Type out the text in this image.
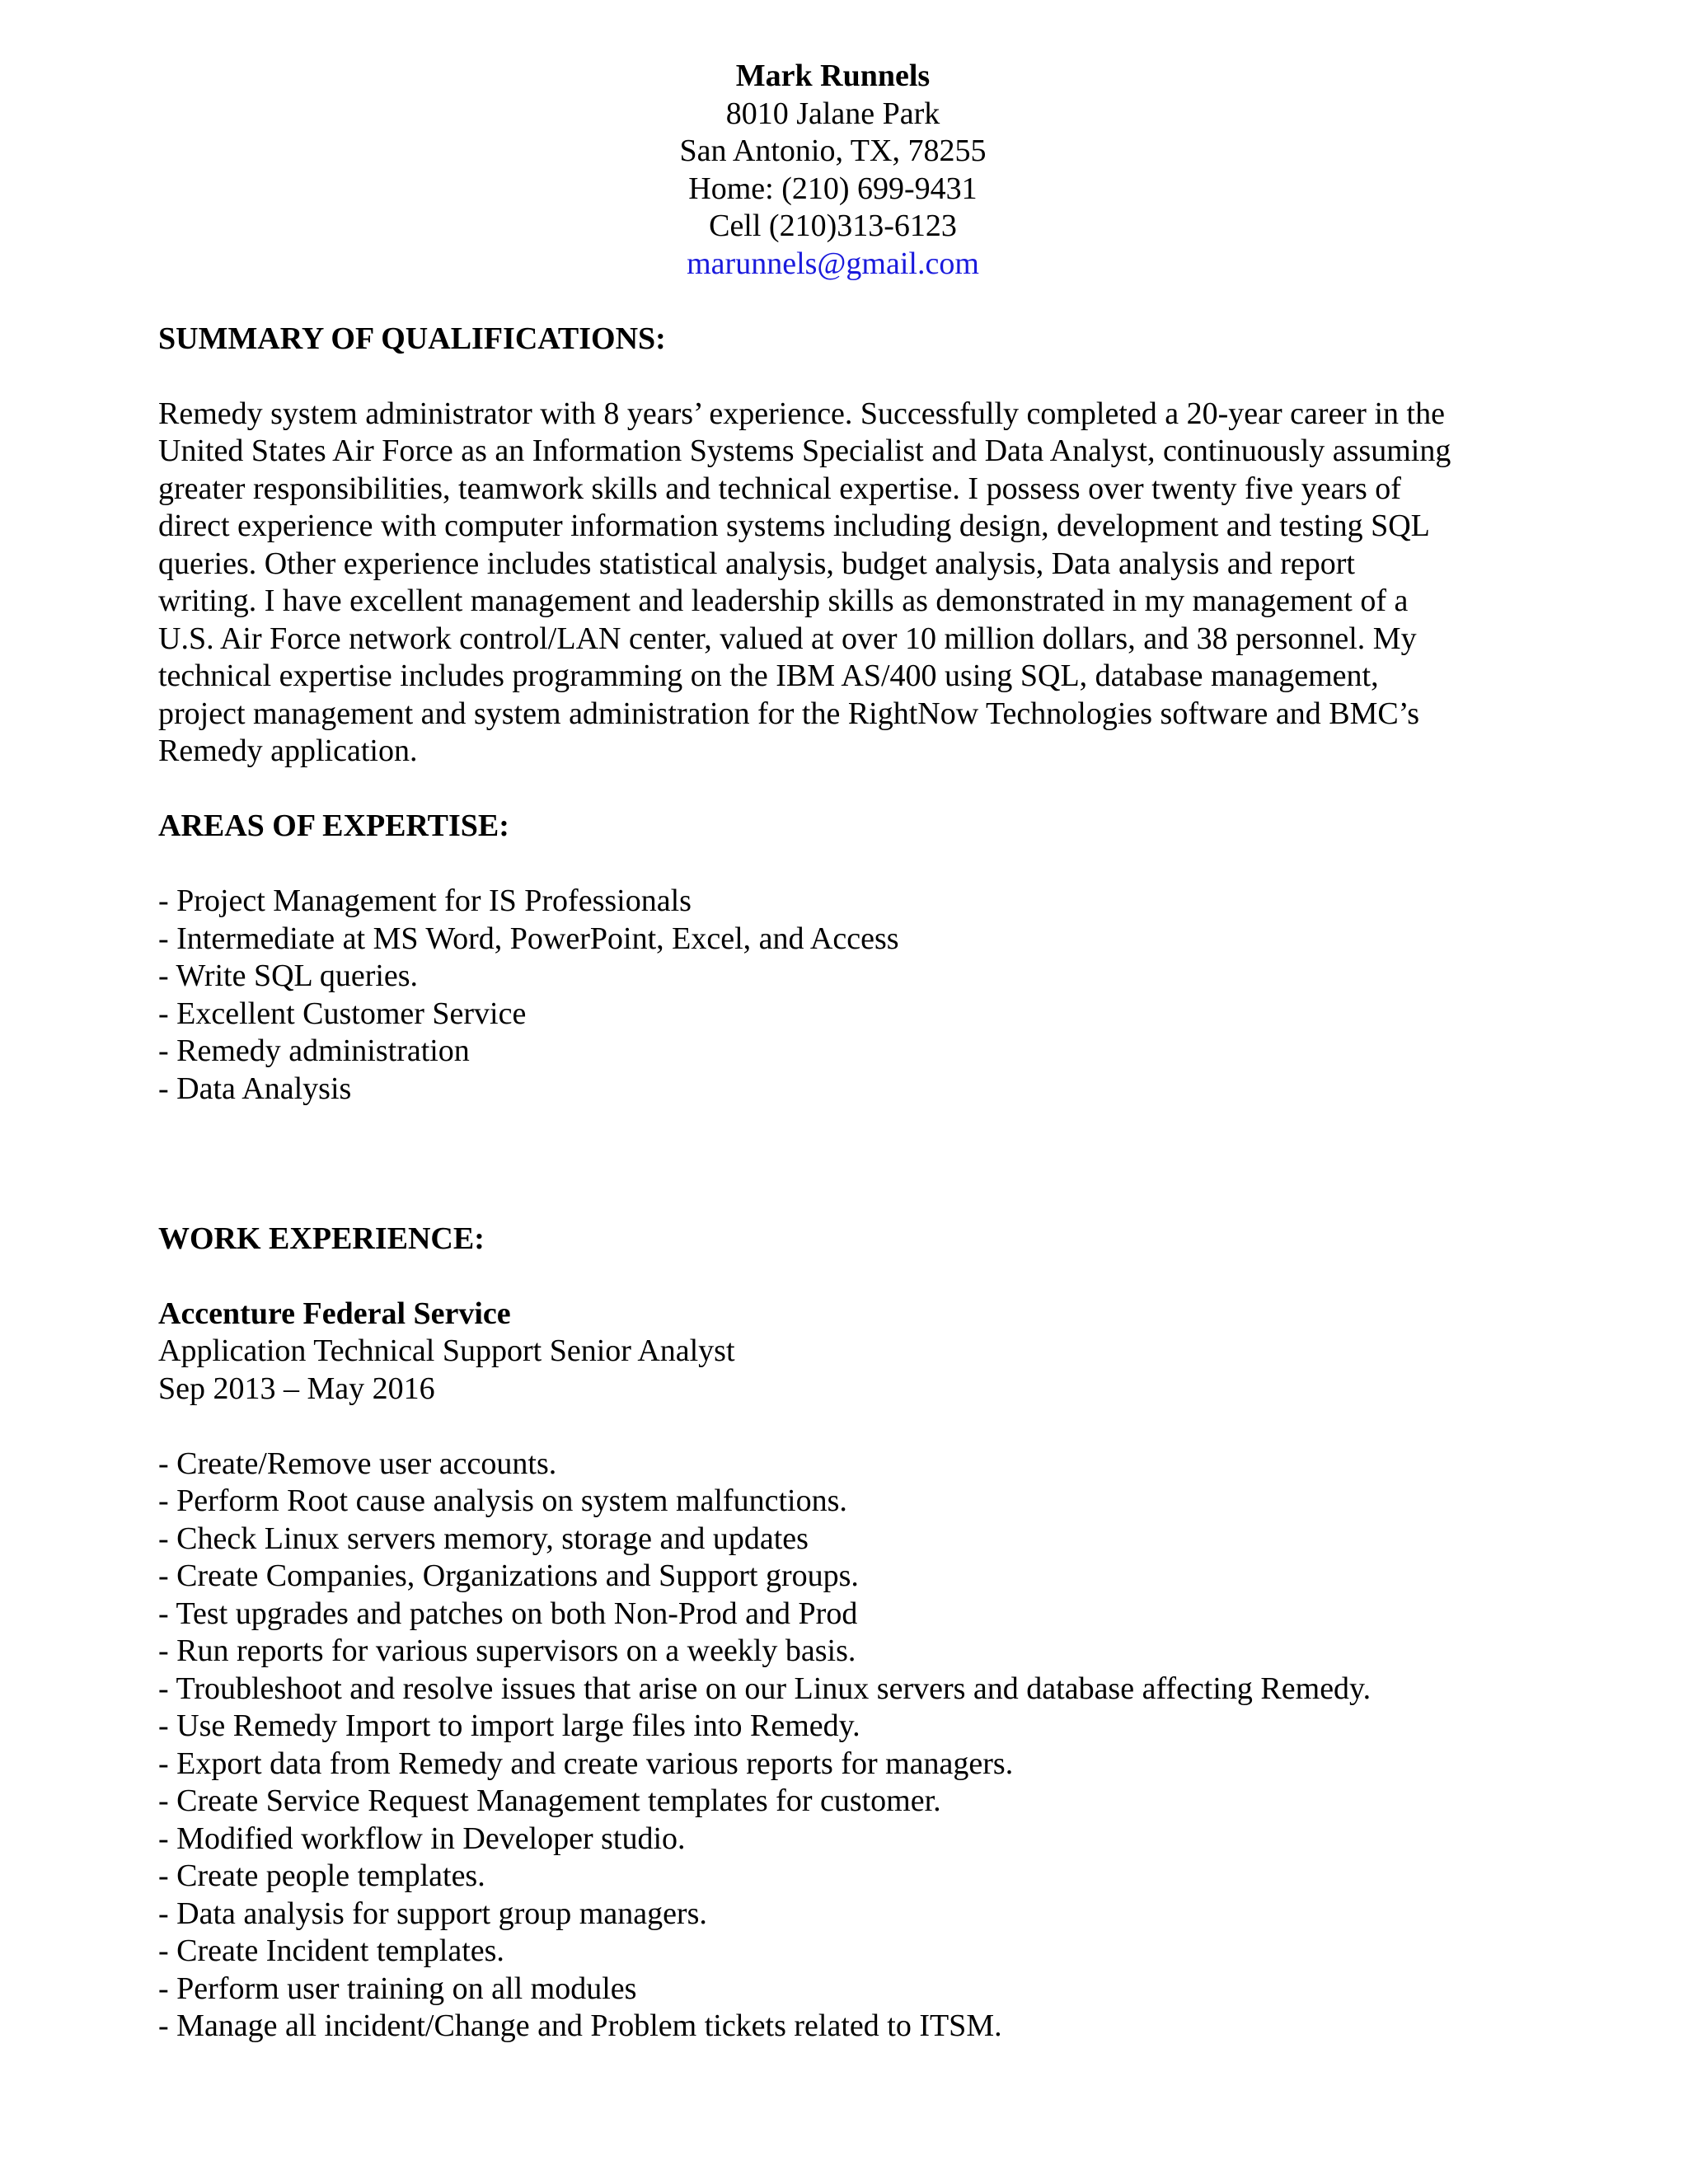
Mark Runnels
8010 Jalane Park
San Antonio, TX, 78255
Home: (210) 699-9431
Cell (210)313-6123
marunnels@gmail.com
SUMMARY OF QUALIFICATIONS:
Remedy system administrator with 8 years’ experience. Successfully completed a 20-year career in the
United States Air Force as an Information Systems Specialist and Data Analyst, continuously assuming
greater responsibilities, teamwork skills and technical expertise. I possess over twenty five years of
direct experience with computer information systems including design, development and testing SQL
queries. Other experience includes statistical analysis, budget analysis, Data analysis and report
writing. I have excellent management and leadership skills as demonstrated in my management of a
U.S. Air Force network control/LAN center, valued at over 10 million dollars, and 38 personnel. My
technical expertise includes programming on the IBM AS/400 using SQL, database management,
project management and system administration for the RightNow Technologies software and BMC’s
Remedy application.
AREAS OF EXPERTISE:
- Project Management for IS Professionals
- Intermediate at MS Word, PowerPoint, Excel, and Access
- Write SQL queries.
- Excellent Customer Service
- Remedy administration
- Data Analysis
WORK EXPERIENCE:
Accenture Federal Service
Application Technical Support Senior Analyst
Sep 2013 – May 2016
- Create/Remove user accounts.
- Perform Root cause analysis on system malfunctions.
- Check Linux servers memory, storage and updates
- Create Companies, Organizations and Support groups.
- Test upgrades and patches on both Non-Prod and Prod
- Run reports for various supervisors on a weekly basis.
- Troubleshoot and resolve issues that arise on our Linux servers and database affecting Remedy.
- Use Remedy Import to import large files into Remedy.
- Export data from Remedy and create various reports for managers.
- Create Service Request Management templates for customer.
- Modified workflow in Developer studio.
- Create people templates.
- Data analysis for support group managers.
- Create Incident templates.
- Perform user training on all modules
- Manage all incident/Change and Problem tickets related to ITSM.
